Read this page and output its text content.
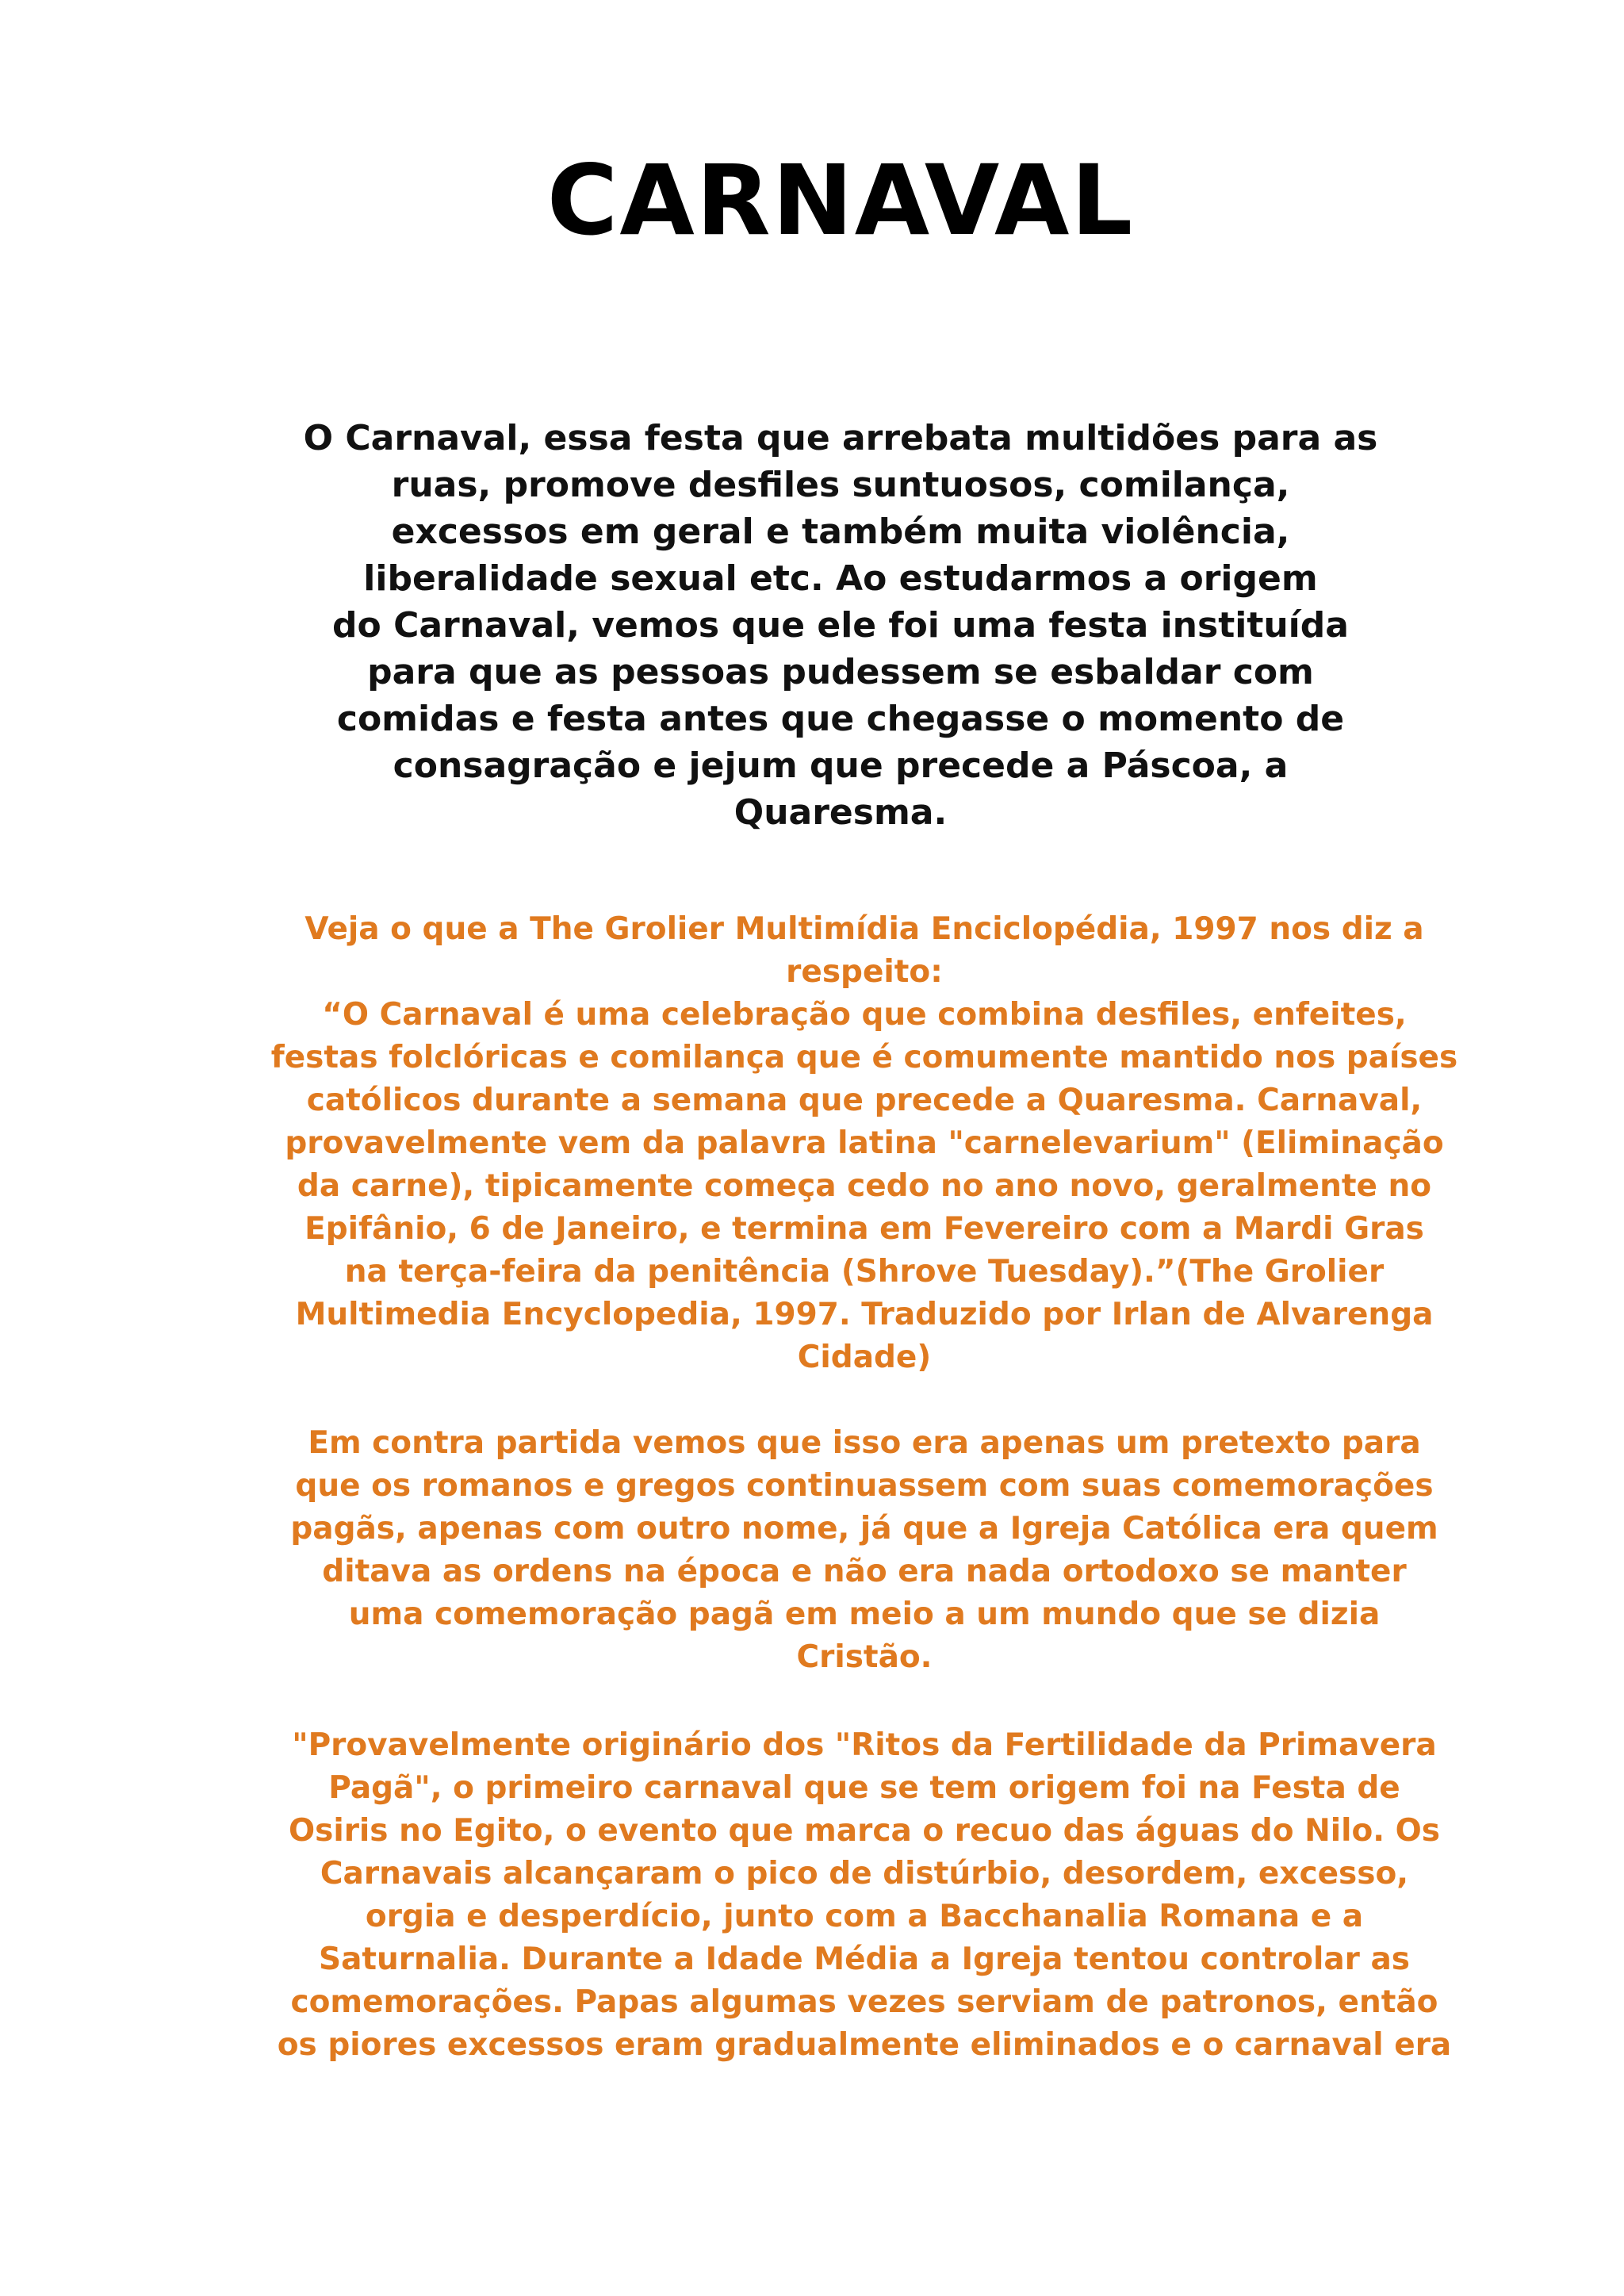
CARNAVAL
O Carnaval, essa festa que arrebata multidões para as
ruas, promove desfiles suntuosos, comilança,
excessos em geral e também muita violência,
liberalidade sexual etc. Ao estudarmos a origem
do Carnaval, vemos que ele foi uma festa instituída
para que as pessoas pudessem se esbaldar com
comidas e festa antes que chegasse o momento de
consagração e jejum que precede a Páscoa, a
Quaresma.
Veja o que a The Grolier Multimídia Enciclopédia, 1997 nos diz a
respeito:
“O Carnaval é uma celebração que combina desfiles, enfeites,
festas folclóricas e comilança que é comumente mantido nos países
católicos durante a semana que precede a Quaresma. Carnaval,
provavelmente vem da palavra latina "carnelevarium" (Eliminação
da carne), tipicamente começa cedo no ano novo, geralmente no
Epifânio, 6 de Janeiro, e termina em Fevereiro com a Mardi Gras
na terça-feira da penitência (Shrove Tuesday).”(The Grolier
Multimedia Encyclopedia, 1997. Traduzido por Irlan de Alvarenga
Cidade)
Em contra partida vemos que isso era apenas um pretexto para
que os romanos e gregos continuassem com suas comemorações
pagãs, apenas com outro nome, já que a Igreja Católica era quem
ditava as ordens na época e não era nada ortodoxo se manter
uma comemoração pagã em meio a um mundo que se dizia
Cristão.
"Provavelmente originário dos "Ritos da Fertilidade da Primavera
Pagã", o primeiro carnaval que se tem origem foi na Festa de
Osiris no Egito, o evento que marca o recuo das águas do Nilo. Os
Carnavais alcançaram o pico de distúrbio, desordem, excesso,
orgia e desperdício, junto com a Bacchanalia Romana e a
Saturnalia. Durante a Idade Média a Igreja tentou controlar as
comemorações. Papas algumas vezes serviam de patronos, então
os piores excessos eram gradualmente eliminados e o carnaval era
